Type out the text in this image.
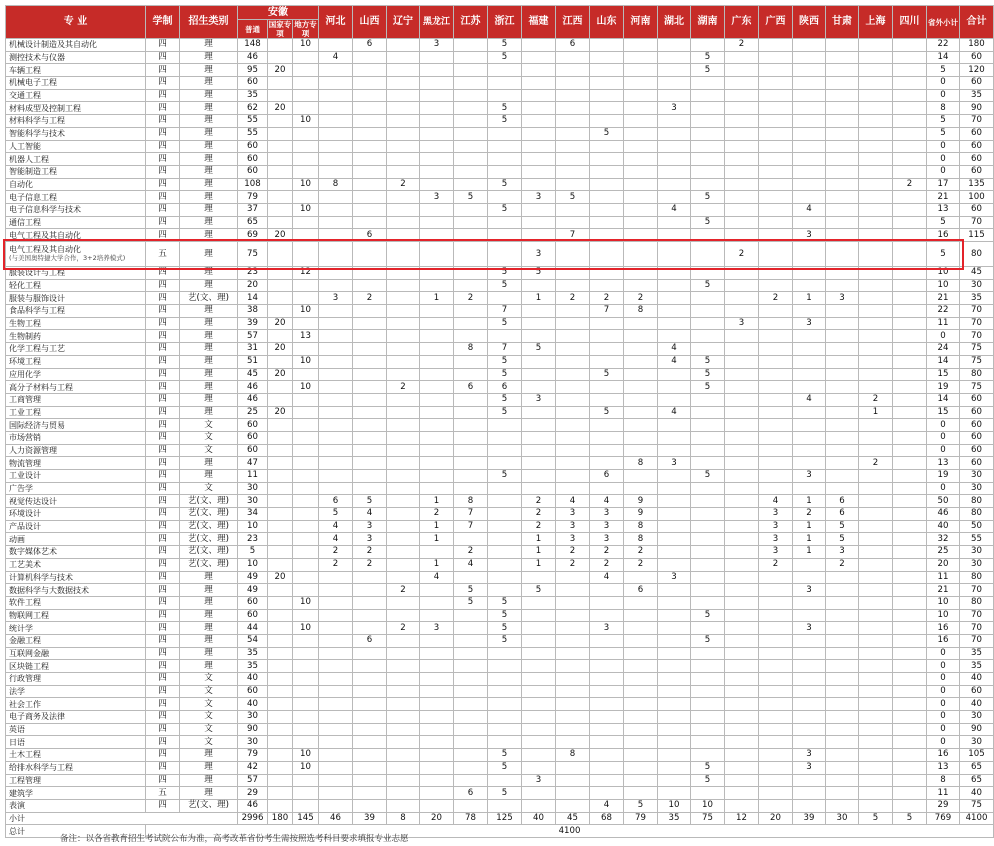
专 业	学制	招生类别	安徽			河北	山西	辽宁	黑龙江	江苏	浙江	福建	江西	山东	河南	湖北	湖南	广东	广西	陕西	甘肃	上海	四川	省外小计	合计
			普通	国家专项	地方专项																				
机械设计制造及其自动化	四	理	148		10		6		3		5		6					2						22	180
测控技术与仪器	四	理	46			4					5						5							14	60
车辆工程	四	理	95	20													5							5	120
机械电子工程	四	理	60																					0	60
交通工程	四	理	35																					0	35
材料成型及控制工程	四	理	62	20							5					3								8	90
材料科学与工程	四	理	55		10						5													5	70
智能科学与技术	四	理	55											5										5	60
人工智能	四	理	60																					0	60
机器人工程	四	理	60																					0	60
智能制造工程	四	理	60																					0	60
自动化	四	理	108		10	8		2			5												2	17	135
电子信息工程	四	理	79						3	5		3	5				5							21	100
电子信息科学与技术	四	理	37		10						5					4				4				13	60
通信工程	四	理	65														5							5	70
电气工程及其自动化	四	理	69	20			6						7							3				16	115

电气工程及其自动化
(与美国奥特捷大学合作，3+2培养模式)	五	理	75									3						2						5	80
服装设计与工程	四	理	23		12						5	5												10	45
轻化工程	四	理	20								5						5							10	30
服装与服饰设计	四	艺(文、理)	14			3	2		1	2		1	2	2	2				2	1	3			21	35
食品科学与工程	四	理	38		10						7			7	8									22	70
生物工程	四	理	39	20							5							3		3				11	70
生物制药	四	理	57		13																			0	70
化学工程与工艺	四	理	31	20						8	7	5				4								24	75
环境工程	四	理	51		10						5					4	5							14	75
应用化学	四	理	45	20							5			5			5							15	80
高分子材料与工程	四	理	46		10			2		6	6						5							19	75
工商管理	四	理	46								5	3								4		2		14	60
工业工程	四	理	25	20							5			5		4						1		15	60
国际经济与贸易	四	文	60																					0	60
市场营销	四	文	60																					0	60
人力资源管理	四	文	60																					0	60
物流管理	四	理	47												8	3						2		13	60
工业设计	四	理	11								5			6			5			3				19	30
广告学	四	文	30																					0	30
视觉传达设计	四	艺(文、理)	30			6	5		1	8		2	4	4	9				4	1	6			50	80
环境设计	四	艺(文、理)	34			5	4		2	7		2	3	3	9				3	2	6			46	80
产品设计	四	艺(文、理)	10			4	3		1	7		2	3	3	8				3	1	5			40	50
动画	四	艺(文、理)	23			4	3		1			1	3	3	8				3	1	5			32	55
数字媒体艺术	四	艺(文、理)	5			2	2			2		1	2	2	2				3	1	3			25	30
工艺美术	四	艺(文、理)	10			2	2		1	4		1	2	2	2				2		2			20	30
计算机科学与技术	四	理	49	20					4					4		3								11	80
数据科学与大数据技术	四	理	49					2		5		5			6					3				21	70
软件工程	四	理	60		10					5	5													10	80
物联网工程	四	理	60								5						5							10	70
统计学	四	理	44		10			2	3		5			3						3				16	70
金融工程	四	理	54				6				5						5							16	70
互联网金融	四	理	35																					0	35
区块链工程	四	理	35																					0	35
行政管理	四	文	40																					0	40
法学	四	文	60																					0	60
社会工作	四	文	40																					0	40
电子商务及法律	四	文	30																					0	30
英语	四	文	90																					0	90
日语	四	文	30																					0	30
土木工程	四	理	79		10						5		8							3				16	105
给排水科学与工程	四	理	42		10						5						5			3				13	65
工程管理	四	理	57									3					5							8	65
建筑学	五	理	29							6	5													11	40
表演	四	艺(文、理)	46											4	5	10	10							29	75
小计			2996	180	145	46	39	8	20	78	125	40	45	68	79	35	75	12	20	39	30	5	5	769	4100
总计	4100																								
备注：以各省教育招生考试院公布为准，高考改革省份考生需按照选考科目要求填报专业志愿
